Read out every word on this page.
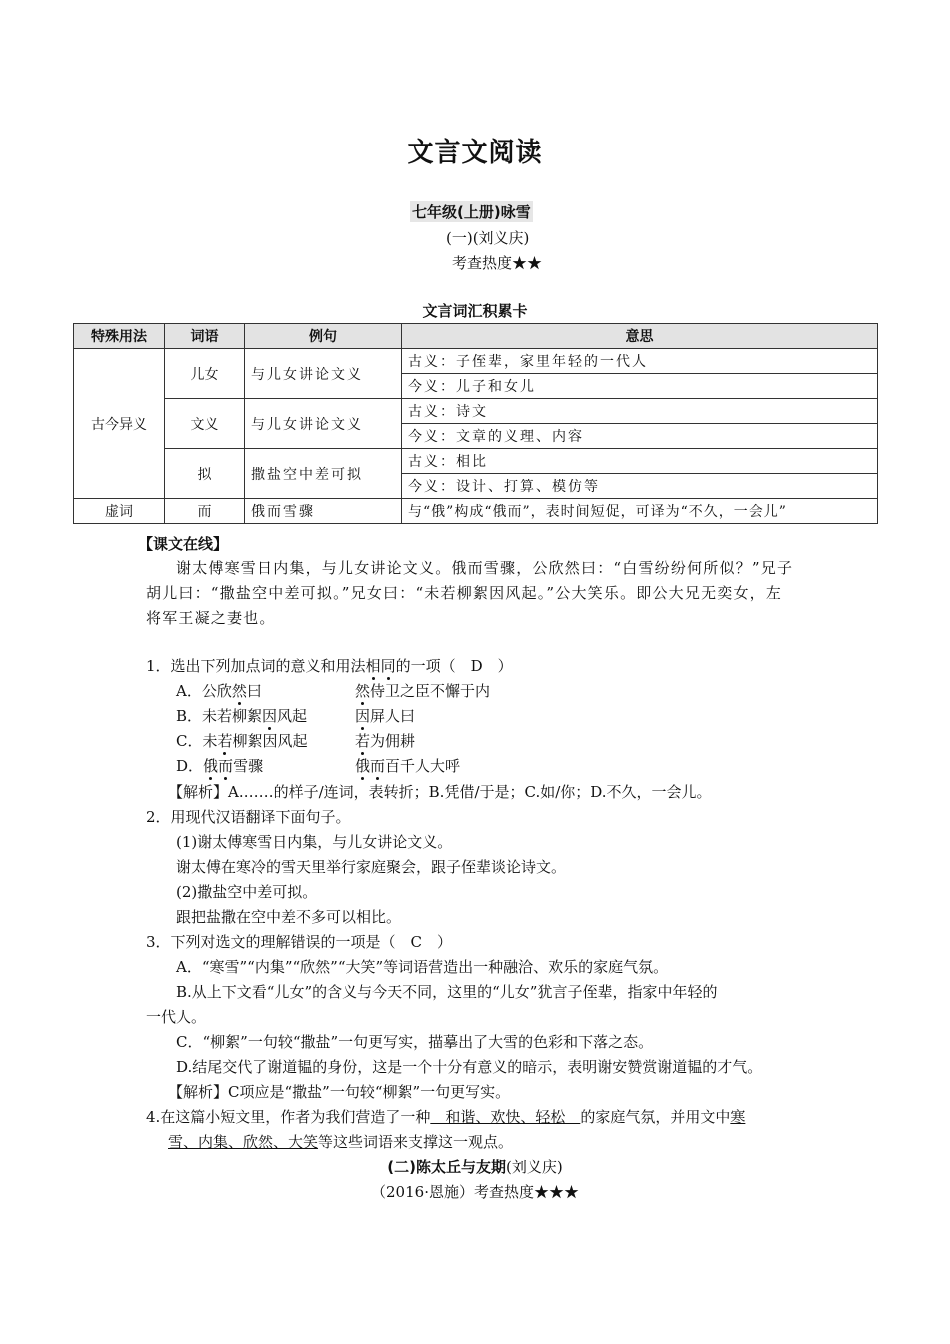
文言文阅读
七年级(上册)咏雪
(一)(刘义庆)
考查热度★★
文言词汇积累卡
特殊用法	词语	例句	意思
古今异义	儿女	与儿女讲论文义	古义：子侄辈，家里年轻的一代人
			今义：儿子和女儿
	文义	与儿女讲论文义	古义：诗文
			今义：文章的义理、内容
	拟	撒盐空中差可拟	古义：相比
			今义：设计、打算、模仿等
虚词	而	俄而雪骤	与“俄”构成“俄而”，表时间短促，可译为“不久，一会儿”
【课文在线】
谢太傅寒雪日内集，与儿女讲论文义。俄而雪骤，公欣然曰：“白雪纷纷何所似？”兄子
胡儿曰：“撒盐空中差可拟。”兄女曰：“未若柳絮因风起。”公大笑乐。即公大兄无奕女，左
将军王凝之妻也。
1．选出下列加点词的意义和用法相同的一项（　D　）
A．公欣然曰	然侍卫之臣不懈于内
B．未若柳絮因风起	因屏人曰
C．未若柳絮因风起	若为佣耕
D．俄而雪骤	俄而百千人大呼
【解析】A.……的样子/连词，表转折；B.凭借/于是；C.如/你；D.不久，一会儿。
2．用现代汉语翻译下面句子。
(1)谢太傅寒雪日内集，与儿女讲论文义。
谢太傅在寒冷的雪天里举行家庭聚会，跟子侄辈谈论诗文。
(2)撒盐空中差可拟。
跟把盐撒在空中差不多可以相比。
3．下列对选文的理解错误的一项是（　C　）
A．“寒雪”“内集”“欣然”“大笑”等词语营造出一种融洽、欢乐的家庭气氛。
B.从上下文看“儿女”的含义与今天不同，这里的“儿女”犹言子侄辈，指家中年轻的
一代人。
C．“柳絮”一句较“撒盐”一句更写实，描摹出了大雪的色彩和下落之态。
D.结尾交代了谢道韫的身份，这是一个十分有意义的暗示，表明谢安赞赏谢道韫的才气。
【解析】C项应是“撒盐”一句较“柳絮”一句更写实。
4.在这篇小短文里，作者为我们营造了一种　和谐、欢快、轻松　的家庭气氛，并用文中寒
雪、内集、欣然、大笑等这些词语来支撑这一观点。
(二)陈太丘与友期(刘义庆)
（2016·恩施）考查热度★★★
